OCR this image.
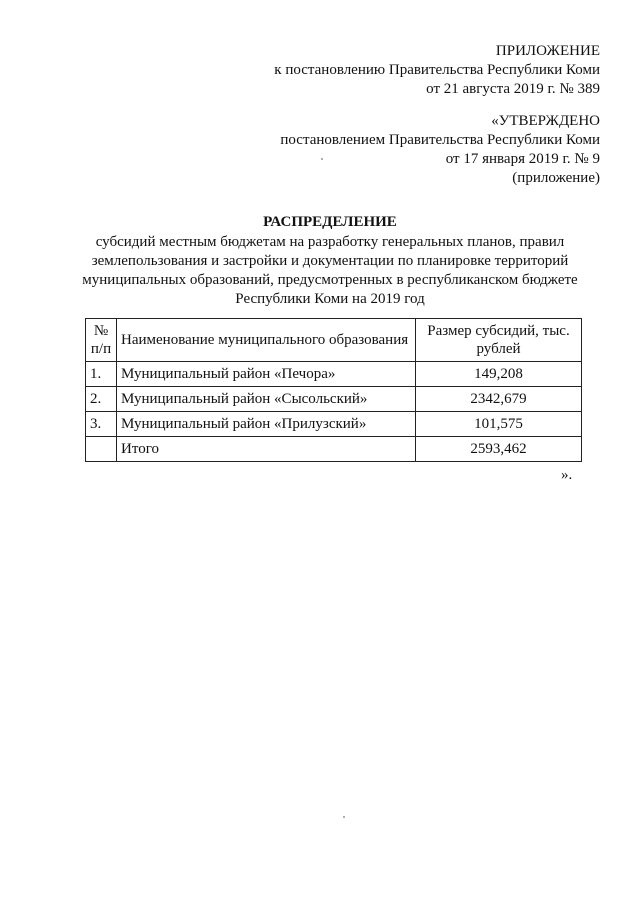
ПРИЛОЖЕНИЕ
к постановлению Правительства Республики Коми
от 21 августа 2019 г. № 389
«УТВЕРЖДЕНО
постановлением Правительства Республики Коми
от 17 января 2019 г. № 9
(приложение)
РАСПРЕДЕЛЕНИЕ
субсидий местным бюджетам на разработку генеральных планов, правил землепользования и застройки и документации по планировке территорий муниципальных образований, предусмотренных в республиканском бюджете Республики Коми на 2019 год
№ п/п	Наименование муниципального образования	Размер субсидий, тыс. рублей
1.	Муниципальный район «Печора»	149,208
2.	Муниципальный район «Сысольский»	2342,679
3.	Муниципальный район «Прилузский»	101,575
	Итого	2593,462
».
